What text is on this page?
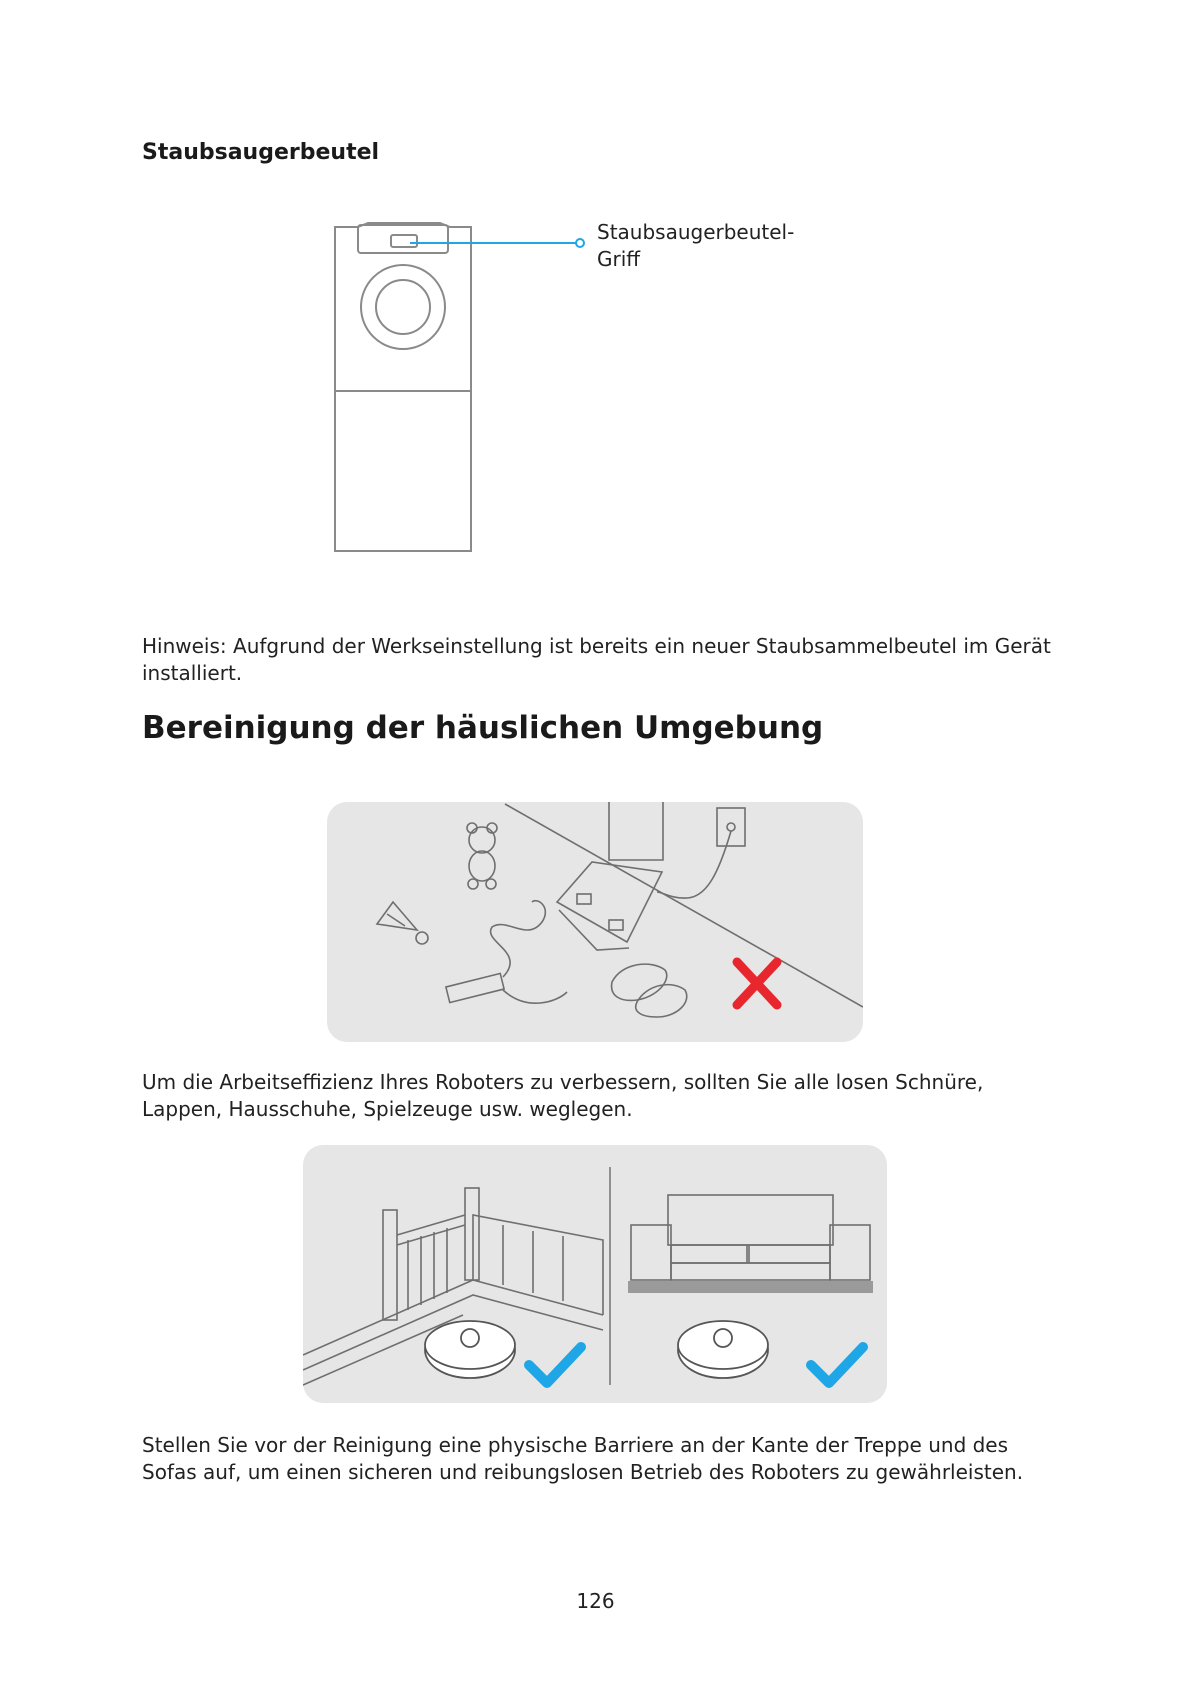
Staubsaugerbeutel
Staubsaugerbeutel-
Griff

Hinweis: Aufgrund der Werkseinstellung ist bereits ein neuer Staubsammelbeutel im Gerät installiert.

Bereinigung der häuslichen Umgebung

Um die Arbeitseffizienz Ihres Roboters zu verbessern, sollten Sie alle losen Schnüre, Lappen, Hausschuhe, Spielzeuge usw. weglegen.

Stellen Sie vor der Reinigung eine physische Barriere an der Kante der Treppe und des Sofas auf, um einen sicheren und reibungslosen Betrieb des Roboters zu gewährleisten.

126
